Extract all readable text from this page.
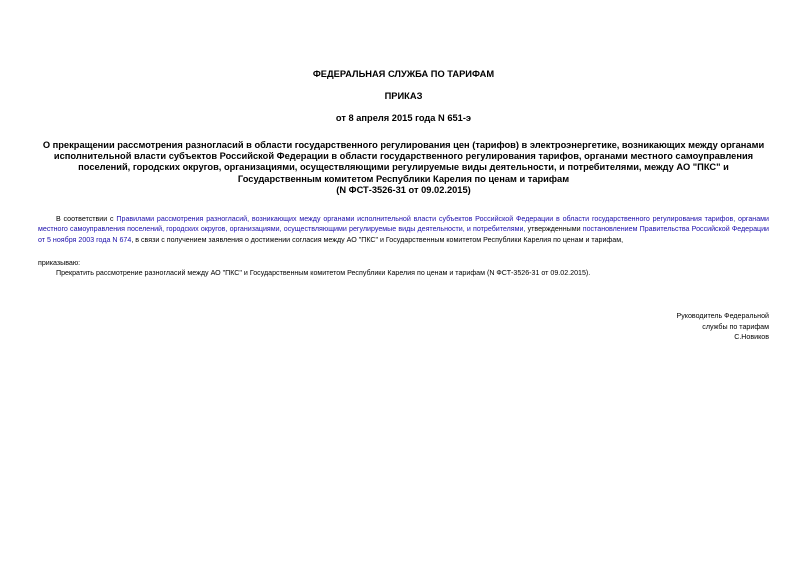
ФЕДЕРАЛЬНАЯ СЛУЖБА ПО ТАРИФАМ
ПРИКАЗ
от 8 апреля 2015 года N 651-э
О прекращении рассмотрения разногласий в области государственного регулирования цен (тарифов) в электроэнергетике, возникающих между органами исполнительной власти субъектов Российской Федерации в области государственного регулирования тарифов, органами местного самоуправления поселений, городских округов, организациями, осуществляющими регулируемые виды деятельности, и потребителями, между АО "ПКС" и Государственным комитетом Республики Карелия по ценам и тарифам
(N ФСТ-3526-31 от 09.02.2015)
В соответствии с Правилами рассмотрения разногласий, возникающих между органами исполнительной власти субъектов Российской Федерации в области государственного регулирования тарифов, органами местного самоуправления поселений, городских округов, организациями, осуществляющими регулируемые виды деятельности, и потребителями, утвержденными постановлением Правительства Российской Федерации от 5 ноября 2003 года N 674, в связи с получением заявления о достижении согласия между АО "ПКС" и Государственным комитетом Республики Карелия по ценам и тарифам,
приказываю:
Прекратить рассмотрение разногласий между АО "ПКС" и Государственным комитетом Республики Карелия по ценам и тарифам (N ФСТ-3526-31 от 09.02.2015).
Руководитель Федеральной
службы по тарифам
С.Новиков
